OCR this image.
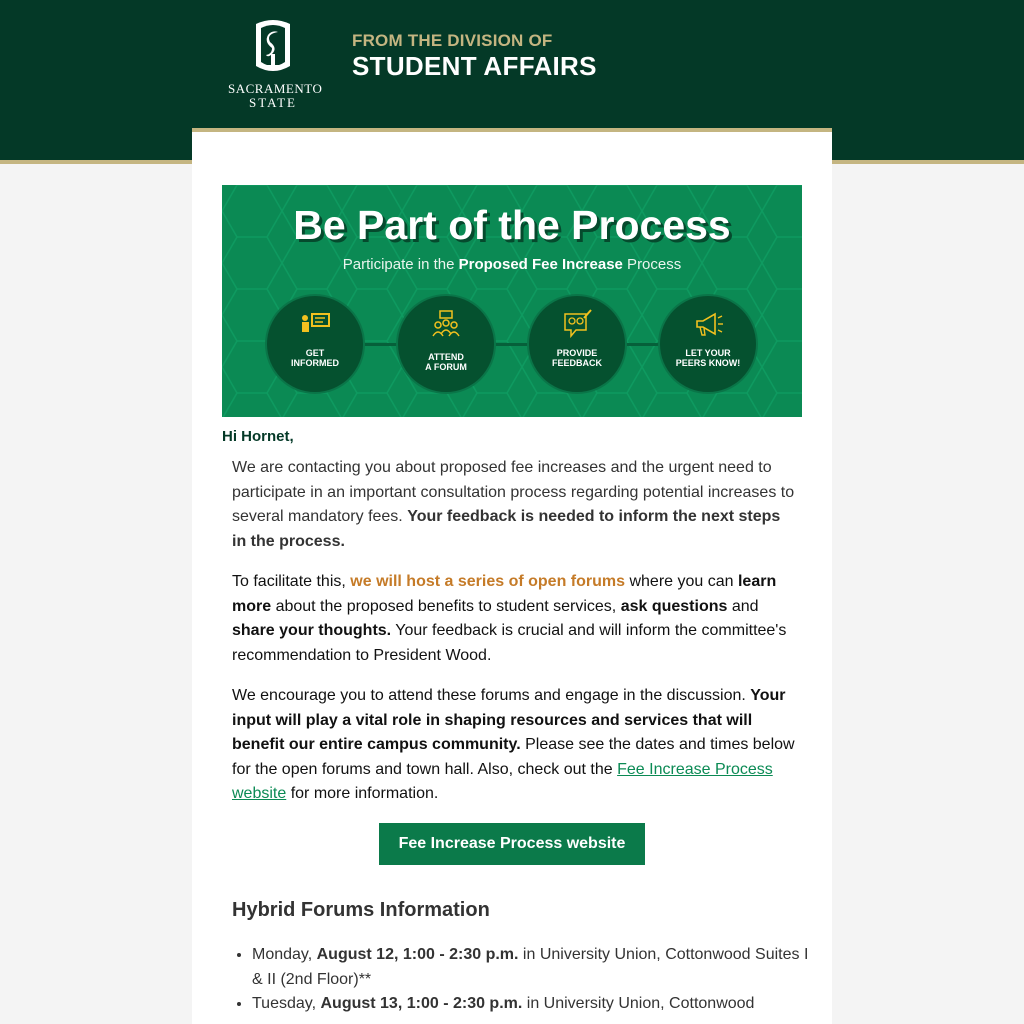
SACRAMENTO
STATE
FROM THE DIVISION OF
STUDENT AFFAIRS
Be Part of the Process
Participate in the Proposed Fee Increase Process
GET
INFORMED
ATTEND
A FORUM
PROVIDE
FEEDBACK
LET YOUR
PEERS KNOW!
Hi Hornet,

We are contacting you about proposed fee increases and the urgent need to participate in an important consultation process regarding potential increases to several mandatory fees. Your feedback is needed to inform the next steps in the process.

To facilitate this, we will host a series of open forums where you can learn more about the proposed benefits to student services, ask questions and share your thoughts. Your feedback is crucial and will inform the committee's recommendation to President Wood.

We encourage you to attend these forums and engage in the discussion. Your input will play a vital role in shaping resources and services that will benefit our entire campus community. Please see the dates and times below for the open forums and town hall. Also, check out the Fee Increase Process website for more information.

Fee Increase Process website
Hybrid Forums Information
• Monday, August 12, 1:00 - 2:30 p.m. in University Union, Cottonwood Suites I & II (2nd Floor)**
• Tuesday, August 13, 1:00 - 2:30 p.m. in University Union, Cottonwood
